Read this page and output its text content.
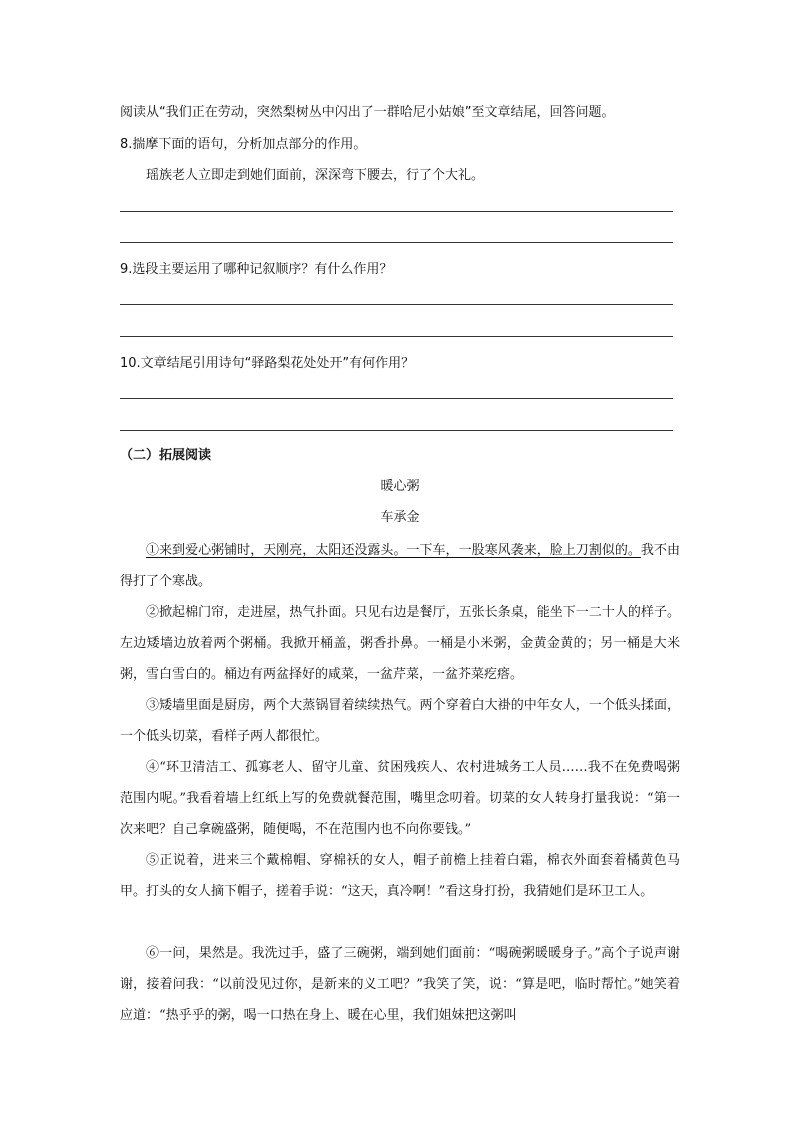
阅读从“我们正在劳动，突然梨树丛中闪出了一群哈尼小姑娘”至文章结尾，回答问题。
8.揣摩下面的语句，分析加点部分的作用。
瑶族老人立即走到她们面前，深深弯下腰去，行了个大礼。
9.选段主要运用了哪种记叙顺序？有什么作用？
10.文章结尾引用诗句“驿路梨花处处开”有何作用？
（二）拓展阅读
暖心粥
车承金
①来到爱心粥铺时，天刚亮，太阳还没露头。一下车，一股寒风袭来，脸上刀割似的。我不由得打了个寒战。
②掀起棉门帘，走进屋，热气扑面。只见右边是餐厅，五张长条桌，能坐下一二十人的样子。左边矮墙边放着两个粥桶。我掀开桶盖，粥香扑鼻。一桶是小米粥，金黄金黄的；另一桶是大米粥，雪白雪白的。桶边有两盆择好的咸菜，一盆芹菜，一盆芥菜疙瘩。
③矮墙里面是厨房，两个大蒸锅冒着续续热气。两个穿着白大褂的中年女人，一个低头揉面，一个低头切菜，看样子两人都很忙。
④“环卫清洁工、孤寡老人、留守儿童、贫困残疾人、农村进城务工人员……我不在免费喝粥范围内呢。”我看着墙上红纸上写的免费就餐范围，嘴里念叨着。切菜的女人转身打量我说：“第一次来吧？自己拿碗盛粥，随便喝，不在范围内也不向你要钱。”
⑤正说着，进来三个戴棉帽、穿棉袄的女人，帽子前檐上挂着白霜，棉衣外面套着橘黄色马甲。打头的女人摘下帽子，搓着手说：“这天，真冷啊！”看这身打扮，我猜她们是环卫工人。
⑥一问，果然是。我洗过手，盛了三碗粥，端到她们面前：“喝碗粥暖暖身子。”高个子说声谢谢，接着问我：“以前没见过你，是新来的义工吧？”我笑了笑，说：“算是吧，临时帮忙。”她笑着应道：“热乎乎的粥，喝一口热在身上、暖在心里，我们姐妹把这粥叫
